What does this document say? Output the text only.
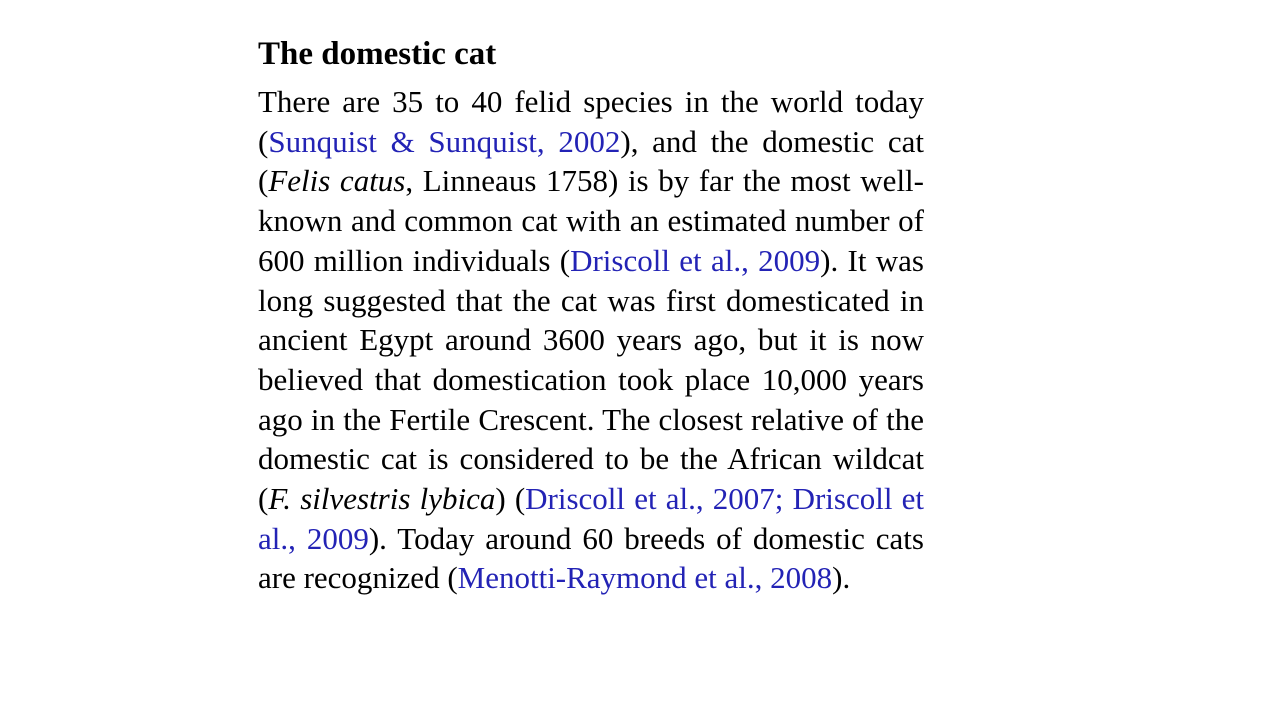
The domestic cat

There are 35 to 40 felid species in the world today (Sunquist & Sunquist, 2002), and the domestic cat (Felis catus, Linneaus 1758) is by far the most well-known and common cat with an estimated number of 600 million individuals (Driscoll et al., 2009). It was long suggested that the cat was first domesticated in ancient Egypt around 3600 years ago, but it is now believed that domestication took place 10,000 years ago in the Fertile Crescent. The closest relative of the domestic cat is considered to be the African wildcat (F. silvestris lybica) (Driscoll et al., 2007; Driscoll et al., 2009). Today around 60 breeds of domestic cats are recognized (Menotti-Raymond et al., 2008).
